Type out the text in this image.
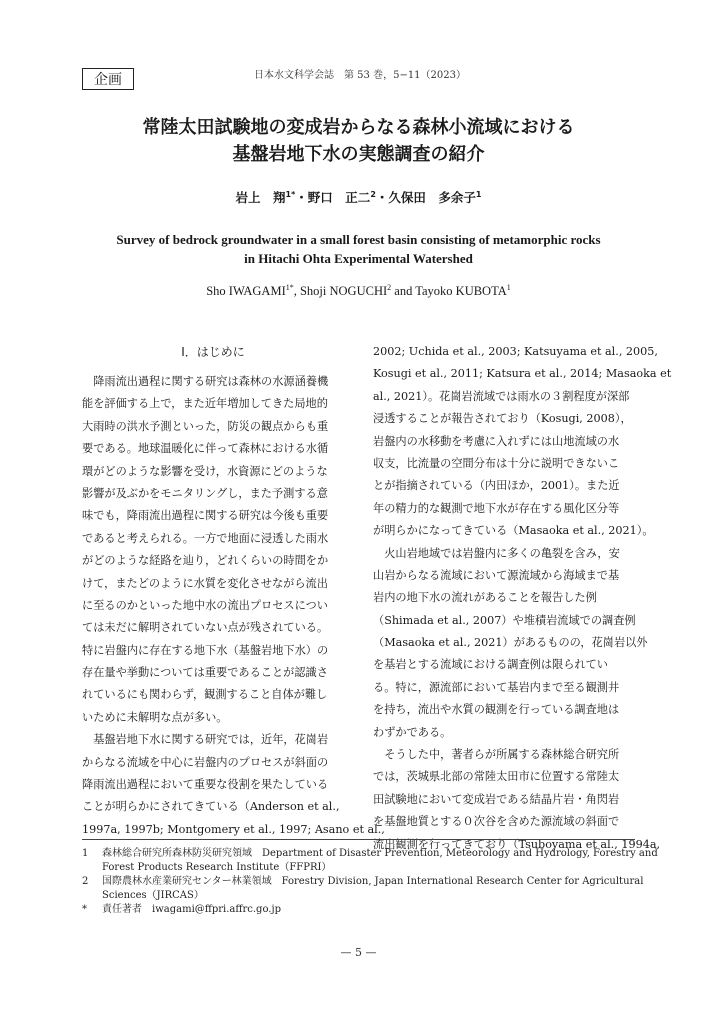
企画	日本水文科学会誌　第 53 巻，5−11（2023）
常陸太田試験地の変成岩からなる森林小流域における
基盤岩地下水の実態調査の紹介
岩上　翔$^{1*}$・野口　正二$^2$・久保田　多余子$^1$
Survey of bedrock groundwater in a small forest basin consisting of metamorphic rocks
in Hitachi Ohta Experimental Watershed
Sho $IWAGAMI^{1*}$, Shoji NOGUCHI$^2$ and Tayoko KUBOTA$^1$
Ⅰ．はじめに
　降雨流出過程に関する研究は森林の水源涵養機
能を評価する上で，また近年増加してきた局地的
大雨時の洪水予測といった，防災の観点からも重
要である。地球温暖化に伴って森林における水循
環がどのような影響を受け，水資源にどのような
影響が及ぶかをモニタリングし，また予測する意
味でも，降雨流出過程に関する研究は今後も重要
であると考えられる。一方で地面に浸透した雨水
がどのような経路を辿り，どれくらいの時間をか
けて，またどのように水質を変化させながら流出
に至るのかといった地中水の流出プロセスについ
ては未だに解明されていない点が残されている。
特に岩盤内に存在する地下水（基盤岩地下水）の
存在量や挙動については重要であることが認識さ
れているにも関わらず，観測すること自体が難し
いために未解明な点が多い。
　基盤岩地下水に関する研究では，近年，花崗岩
からなる流域を中心に岩盤内のプロセスが斜面の
降雨流出過程において重要な役割を果たしている
ことが明らかにされてきている（Anderson et al.,
1997a, 1997b; Montgomery et al., 1997; Asano et al.,
2002; Uchida et al., 2003; Katsuyama et al., 2005,
Kosugi et al., 2011; Katsura et al., 2014; Masaoka et
al., 2021）。花崗岩流域では雨水の３割程度が深部
浸透することが報告されており（Kosugi, 2008），
岩盤内の水移動を考慮に入れずには山地流域の水
収支，比流量の空間分布は十分に説明できないこ
とが指摘されている（内田ほか，2001）。また近
年の精力的な観測で地下水が存在する風化区分等
が明らかになってきている（Masaoka et al., 2021）。
　火山岩地域では岩盤内に多くの亀裂を含み，安
山岩からなる流域において源流域から海域まで基
岩内の地下水の流れがあることを報告した例
（Shimada et al., 2007）や堆積岩流域での調査例
（Masaoka et al., 2021）があるものの，花崗岩以外
を基岩とする流域における調査例は限られてい
る。特に，源流部において基岩内まで至る観測井
を持ち，流出や水質の観測を行っている調査地は
わずかである。
　そうした中，著者らが所属する森林総合研究所
では，茨城県北部の常陸太田市に位置する常陸太
田試験地において変成岩である結晶片岩・角閃岩
を基盤地質とする０次谷を含めた源流域の斜面で
流出観測を行ってきており（Tsuboyama et al., 1994a,
1	森林総合研究所森林防災研究領域　Department of Disaster Prevention, Meteorology and Hydrology, Forestry and
Forest Products Research Institute（FFPRI）
2	国際農林水産業研究センター林業領域　Forestry Division, Japan International Research Center for Agricultural
Sciences（JIRCAS）
*	責任著者　iwagami@ffpri.affrc.go.jp
— 5 —
